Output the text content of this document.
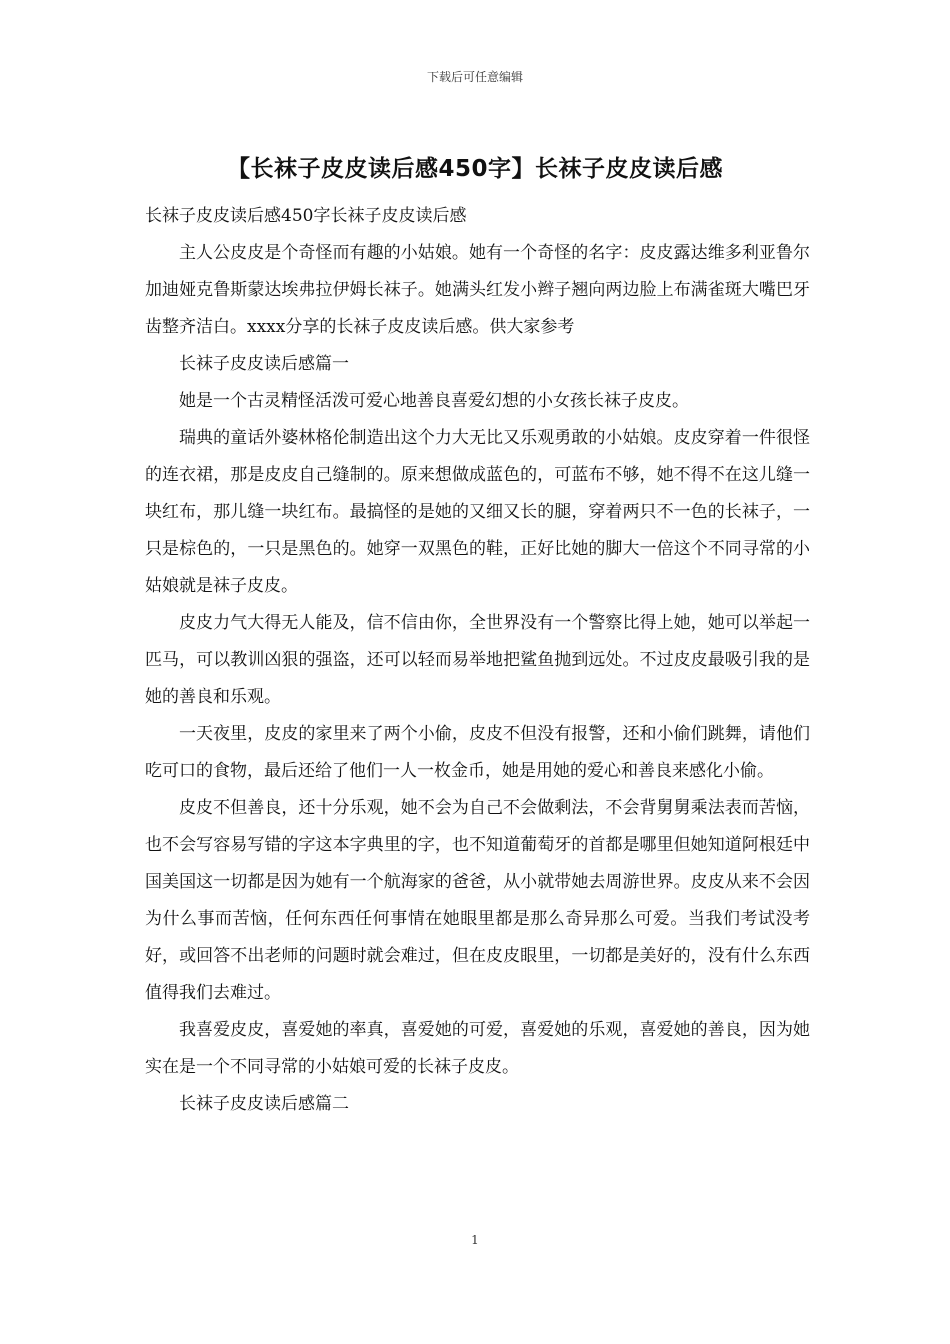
下载后可任意编辑
【长袜子皮皮读后感450字】长袜子皮皮读后感

长袜子皮皮读后感450字长袜子皮皮读后感

主人公皮皮是个奇怪而有趣的小姑娘。她有一个奇怪的名字：皮皮露达维多利亚鲁尔加迪娅克鲁斯蒙达埃弗拉伊姆长袜子。她满头红发小辫子翘向两边脸上布满雀斑大嘴巴牙齿整齐洁白。xxxx分享的长袜子皮皮读后感。供大家参考

长袜子皮皮读后感篇一

她是一个古灵精怪活泼可爱心地善良喜爱幻想的小女孩长袜子皮皮。

瑞典的童话外婆林格伦制造出这个力大无比又乐观勇敢的小姑娘。皮皮穿着一件很怪的连衣裙，那是皮皮自己缝制的。原来想做成蓝色的，可蓝布不够，她不得不在这儿缝一块红布，那儿缝一块红布。最搞怪的是她的又细又长的腿，穿着两只不一色的长袜子，一只是棕色的，一只是黑色的。她穿一双黑色的鞋，正好比她的脚大一倍这个不同寻常的小姑娘就是袜子皮皮。

皮皮力气大得无人能及，信不信由你，全世界没有一个警察比得上她，她可以举起一匹马，可以教训凶狠的强盗，还可以轻而易举地把鲨鱼抛到远处。不过皮皮最吸引我的是她的善良和乐观。

一天夜里，皮皮的家里来了两个小偷，皮皮不但没有报警，还和小偷们跳舞，请他们吃可口的食物，最后还给了他们一人一枚金币，她是用她的爱心和善良来感化小偷。

皮皮不但善良，还十分乐观，她不会为自己不会做剩法，不会背舅舅乘法表而苦恼，也不会写容易写错的字这本字典里的字，也不知道葡萄牙的首都是哪里但她知道阿根廷中国美国这一切都是因为她有一个航海家的爸爸，从小就带她去周游世界。皮皮从来不会因为什么事而苦恼，任何东西任何事情在她眼里都是那么奇异那么可爱。当我们考试没考好，或回答不出老师的问题时就会难过，但在皮皮眼里，一切都是美好的，没有什么东西值得我们去难过。

我喜爱皮皮，喜爱她的率真，喜爱她的可爱，喜爱她的乐观，喜爱她的善良，因为她实在是一个不同寻常的小姑娘可爱的长袜子皮皮。

长袜子皮皮读后感篇二

1
